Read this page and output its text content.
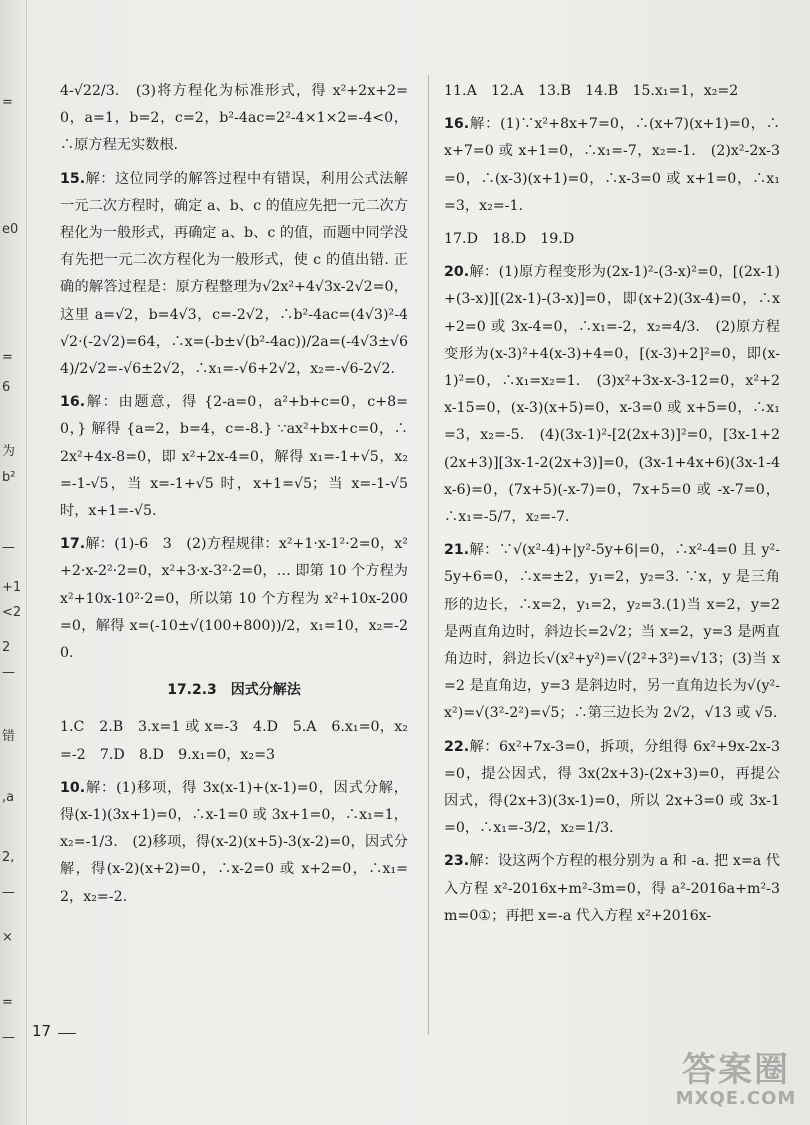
=
e0
=
6
为
b²
—
+1
<2
2
—
错
,a
2,
—
×
=
—

4-√22/3.　(3)将方程化为标准形式，得 x²+2x+2=0，a=1，b=2，c=2，b²-4ac=2²-4×1×2=-4<0，∴原方程无实数根.

15.解：这位同学的解答过程中有错误，利用公式法解一元二次方程时，确定 a、b、c 的值应先把一元二次方程化为一般形式，再确定 a、b、c 的值，而题中同学没有先把一元二次方程化为一般形式，使 c 的值出错. 正确的解答过程是：原方程整理为√2x²+4√3x-2√2=0，这里 a=√2，b=4√3，c=-2√2，∴b²-4ac=(4√3)²-4√2·(-2√2)=64，∴x=(-b±√(b²-4ac))/2a=(-4√3±√64)/2√2=-√6±2√2，∴x₁=-√6+2√2，x₂=-√6-2√2.

16.解：由题意，得 {2-a=0，a²+b+c=0，c+8=0，} 解得 {a=2，b=4，c=-8.} ∵ax²+bx+c=0，∴2x²+4x-8=0，即 x²+2x-4=0，解得 x₁=-1+√5，x₂=-1-√5，当 x=-1+√5 时，x+1=√5；当 x=-1-√5 时，x+1=-√5.

17.解：(1)-6　3　(2)方程规律：x²+1·x-1²·2=0，x²+2·x-2²·2=0，x²+3·x-3²·2=0，… 即第 10 个方程为 x²+10x-10²·2=0，所以第 10 个方程为 x²+10x-200=0，解得 x=(-10±√(100+800))/2，x₁=10，x₂=-20.

17.2.3　因式分解法

1.C　2.B　3.x=1 或 x=-3　4.D　5.A　6.x₁=0，x₂=-2　7.D　8.D　9.x₁=0，x₂=3

10.解：(1)移项，得 3x(x-1)+(x-1)=0，因式分解，得(x-1)(3x+1)=0，∴x-1=0 或 3x+1=0，∴x₁=1，x₂=-1/3.　(2)移项，得(x-2)(x+5)-3(x-2)=0，因式分解，得(x-2)(x+2)=0，∴x-2=0 或 x+2=0，∴x₁=2，x₂=-2.

11.A　12.A　13.B　14.B　15.x₁=1，x₂=2

16.解：(1)∵x²+8x+7=0，∴(x+7)(x+1)=0，∴x+7=0 或 x+1=0，∴x₁=-7，x₂=-1.　(2)x²-2x-3=0，∴(x-3)(x+1)=0，∴x-3=0 或 x+1=0，∴x₁=3，x₂=-1.

17.D　18.D　19.D

20.解：(1)原方程变形为(2x-1)²-(3-x)²=0，[(2x-1)+(3-x)][(2x-1)-(3-x)]=0，即(x+2)(3x-4)=0，∴x+2=0 或 3x-4=0，∴x₁=-2，x₂=4/3.　(2)原方程变形为(x-3)²+4(x-3)+4=0，[(x-3)+2]²=0，即(x-1)²=0，∴x₁=x₂=1.　(3)x²+3x-x-3-12=0，x²+2x-15=0，(x-3)(x+5)=0，x-3=0 或 x+5=0，∴x₁=3，x₂=-5.　(4)(3x-1)²-[2(2x+3)]²=0，[3x-1+2(2x+3)][3x-1-2(2x+3)]=0，(3x-1+4x+6)(3x-1-4x-6)=0，(7x+5)(-x-7)=0，7x+5=0 或 -x-7=0，∴x₁=-5/7，x₂=-7.

21.解：∵√(x²-4)+|y²-5y+6|=0，∴x²-4=0 且 y²-5y+6=0，∴x=±2，y₁=2，y₂=3. ∵x，y 是三角形的边长，∴x=2，y₁=2，y₂=3.(1)当 x=2，y=2 是两直角边时，斜边长=2√2；当 x=2，y=3 是两直角边时，斜边长√(x²+y²)=√(2²+3²)=√13；(3)当 x=2 是直角边，y=3 是斜边时，另一直角边长为√(y²-x²)=√(3²-2²)=√5；∴第三边长为 2√2，√13 或 √5.

22.解：6x²+7x-3=0，拆项，分组得 6x²+9x-2x-3=0，提公因式，得 3x(2x+3)-(2x+3)=0，再提公因式，得(2x+3)(3x-1)=0，所以 2x+3=0 或 3x-1=0，∴x₁=-3/2，x₂=1/3.

23.解：设这两个方程的根分别为 a 和 -a. 把 x=a 代入方程 x²-2016x+m²-3m=0，得 a²-2016a+m²-3m=0①；再把 x=-a 代入方程 x²+2016x-

17
答案圈
MXQE.COM
